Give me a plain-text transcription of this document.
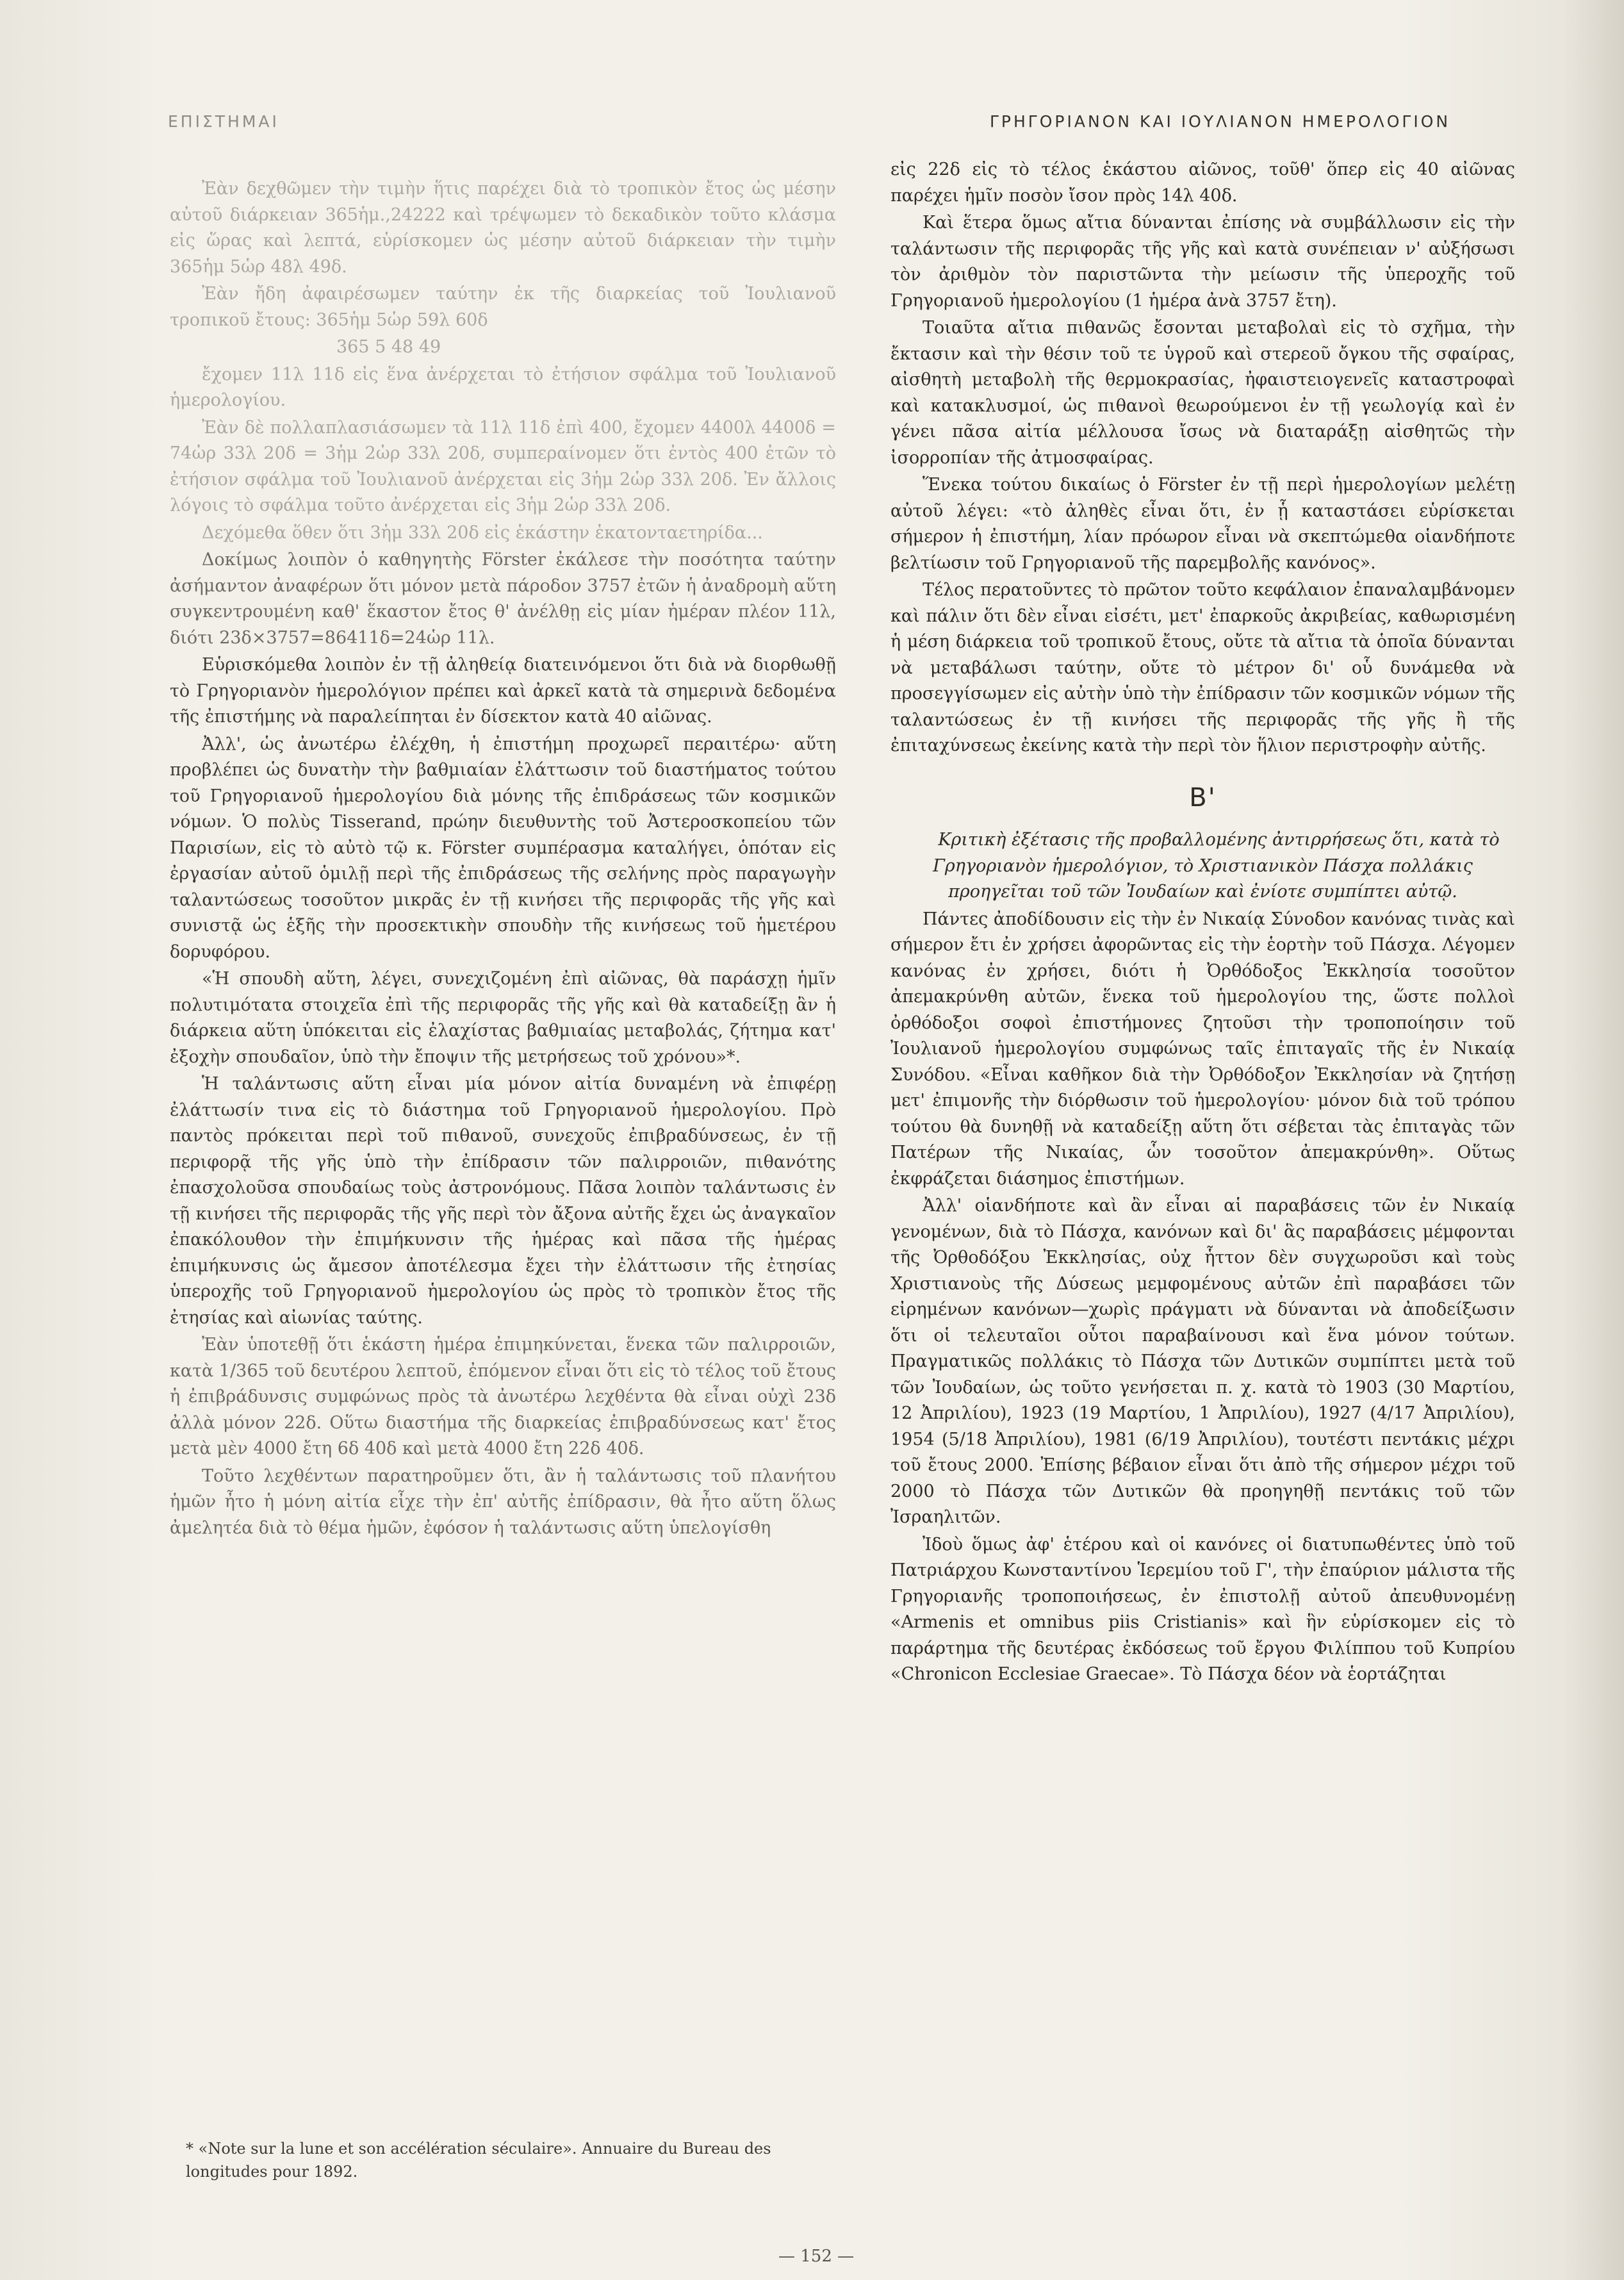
ΕΠΙΣΤΗΜΑΙ	ΓΡΗΓΟΡΙΑΝΟΝ ΚΑΙ ΙΟΥΛΙΑΝΟΝ ΗΜΕΡΟΛΟΓΙΟΝ

Ἐὰν δεχθῶμεν τὴν τιμὴν ἥτις παρέχει διὰ τὸ τροπικὸν ἔτος ὡς μέσην αὐτοῦ διάρκειαν 365ἡμ.,24222 καὶ τρέψωμεν τὸ δεκαδικὸν τοῦτο κλάσμα εἰς ὥρας καὶ λεπτά, εὑρίσκομεν ὡς μέσην αὐτοῦ διάρκειαν τὴν τιμὴν 365ἡμ 5ὡρ 48λ 49δ.

Ἐὰν ἤδη ἀφαιρέσωμεν ταύτην ἐκ τῆς διαρκείας τοῦ Ἰουλιανοῦ τροπικοῦ ἔτους: 365ἡμ 5ὡρ 59λ 60δ

365 5 48 49

ἔχομεν 11λ 11δ εἰς ἕνα ἀνέρχεται τὸ ἐτήσιον σφάλμα τοῦ Ἰουλιανοῦ ἡμερολογίου.

Ἐὰν δὲ πολλαπλασιάσωμεν τὰ 11λ 11δ ἐπὶ 400, ἔχομεν 4400λ 4400δ = 74ὡρ 33λ 20δ = 3ἡμ 2ὡρ 33λ 20δ, συμπεραίνομεν ὅτι ἐντὸς 400 ἐτῶν τὸ ἐτήσιον σφάλμα τοῦ Ἰουλιανοῦ ἀνέρχεται εἰς 3ἡμ 2ὡρ 33λ 20δ. Ἐν ἄλλοις λόγοις τὸ σφάλμα τοῦτο ἀνέρχεται εἰς 3ἡμ 2ὡρ 33λ 20δ.

Δεχόμεθα ὅθεν ὅτι 3ἡμ 33λ 20δ εἰς ἑκάστην ἑκατονταετηρίδα...

Δοκίμως λοιπὸν ὁ καθηγητὴς Förster ἐκάλεσε τὴν ποσότητα ταύτην ἀσήμαντον ἀναφέρων ὅτι μόνον μετὰ πάροδον 3757 ἐτῶν ἡ ἀναδρομὴ αὕτη συγκεντρουμένη καθ' ἕκαστον ἔτος θ' ἀνέλθῃ εἰς μίαν ἡμέραν πλέον 11λ, διότι 23δ×3757=86411δ=24ὡρ 11λ.

Εὑρισκόμεθα λοιπὸν ἐν τῇ ἀληθείᾳ διατεινόμενοι ὅτι διὰ νὰ διορθωθῇ τὸ Γρηγοριανὸν ἡμερολόγιον πρέπει καὶ ἀρκεῖ κατὰ τὰ σημερινὰ δεδομένα τῆς ἐπιστήμης νὰ παραλείπηται ἐν δίσεκτον κατὰ 40 αἰῶνας.

Ἀλλ', ὡς ἀνωτέρω ἐλέχθη, ἡ ἐπιστήμη προχωρεῖ περαιτέρω· αὕτη προβλέπει ὡς δυνατὴν τὴν βαθμιαίαν ἐλάττωσιν τοῦ διαστήματος τούτου τοῦ Γρηγοριανοῦ ἡμερολογίου διὰ μόνης τῆς ἐπιδράσεως τῶν κοσμικῶν νόμων. Ὁ πολὺς Tisserand, πρώην διευθυντὴς τοῦ Ἀστεροσκοπείου τῶν Παρισίων, εἰς τὸ αὐτὸ τῷ κ. Förster συμπέρασμα καταλήγει, ὁπόταν εἰς ἐργασίαν αὐτοῦ ὁμιλῇ περὶ τῆς ἐπιδράσεως τῆς σελήνης πρὸς παραγωγὴν ταλαντώσεως τοσοῦτον μικρᾶς ἐν τῇ κινήσει τῆς περιφορᾶς τῆς γῆς καὶ συνιστᾷ ὡς ἑξῆς τὴν προσεκτικὴν σπουδὴν τῆς κινήσεως τοῦ ἡμετέρου δορυφόρου.

«Ἡ σπουδὴ αὕτη, λέγει, συνεχιζομένη ἐπὶ αἰῶνας, θὰ παράσχῃ ἡμῖν πολυτιμότατα στοιχεῖα ἐπὶ τῆς περιφορᾶς τῆς γῆς καὶ θὰ καταδείξῃ ἂν ἡ διάρκεια αὕτη ὑπόκειται εἰς ἐλαχίστας βαθμιαίας μεταβολάς, ζήτημα κατ' ἐξοχὴν σπουδαῖον, ὑπὸ τὴν ἔποψιν τῆς μετρήσεως τοῦ χρόνου»*.

Ἡ ταλάντωσις αὕτη εἶναι μία μόνον αἰτία δυναμένη νὰ ἐπιφέρῃ ἐλάττωσίν τινα εἰς τὸ διάστημα τοῦ Γρηγοριανοῦ ἡμερολογίου. Πρὸ παντὸς πρόκειται περὶ τοῦ πιθανοῦ, συνεχοῦς ἐπιβραδύνσεως, ἐν τῇ περιφορᾷ τῆς γῆς ὑπὸ τὴν ἐπίδρασιν τῶν παλιρροιῶν, πιθανότης ἐπασχολοῦσα σπουδαίως τοὺς ἀστρονόμους. Πᾶσα λοιπὸν ταλάντωσις ἐν τῇ κινήσει τῆς περιφορᾶς τῆς γῆς περὶ τὸν ἄξονα αὐτῆς ἔχει ὡς ἀναγκαῖον ἐπακόλουθον τὴν ἐπιμήκυνσιν τῆς ἡμέρας καὶ πᾶσα τῆς ἡμέρας ἐπιμήκυνσις ὡς ἄμεσον ἀποτέλεσμα ἔχει τὴν ἐλάττωσιν τῆς ἐτησίας ὑπεροχῆς τοῦ Γρηγοριανοῦ ἡμερολογίου ὡς πρὸς τὸ τροπικὸν ἔτος τῆς ἐτησίας καὶ αἰωνίας ταύτης.

Ἐὰν ὑποτεθῇ ὅτι ἑκάστη ἡμέρα ἐπιμηκύνεται, ἕνεκα τῶν παλιρροιῶν, κατὰ 1/365 τοῦ δευτέρου λεπτοῦ, ἐπόμενον εἶναι ὅτι εἰς τὸ τέλος τοῦ ἔτους ἡ ἐπιβράδυνσις συμφώνως πρὸς τὰ ἀνωτέρω λεχθέντα θὰ εἶναι οὐχὶ 23δ ἀλλὰ μόνον 22δ. Οὕτω διαστήμα τῆς διαρκείας ἐπιβραδύνσεως κατ' ἔτος μετὰ μὲν 4000 ἔτη 6δ 40δ καὶ μετὰ 4000 ἔτη 22δ 40δ.

Τοῦτο λεχθέντων παρατηροῦμεν ὅτι, ἂν ἡ ταλάντωσις τοῦ πλανήτου ἡμῶν ἦτο ἡ μόνη αἰτία εἶχε τὴν ἐπ' αὐτῆς ἐπίδρασιν, θὰ ἦτο αὕτη ὅλως ἀμελητέα διὰ τὸ θέμα ἡμῶν, ἐφόσον ἡ ταλάντωσις αὕτη ὑπελογίσθη

* «Note sur la lune et son accélération séculaire». Annuaire du Bureau des longitudes pour 1892.

εἰς 22δ εἰς τὸ τέλος ἑκάστου αἰῶνος, τοῦθ' ὅπερ εἰς 40 αἰῶνας παρέχει ἡμῖν ποσὸν ἴσον πρὸς 14λ 40δ.

Καὶ ἕτερα ὅμως αἴτια δύνανται ἐπίσης νὰ συμβάλλωσιν εἰς τὴν ταλάντωσιν τῆς περιφορᾶς τῆς γῆς καὶ κατὰ συνέπειαν ν' αὐξήσωσι τὸν ἀριθμὸν τὸν παριστῶντα τὴν μείωσιν τῆς ὑπεροχῆς τοῦ Γρηγοριανοῦ ἡμερολογίου (1 ἡμέρα ἀνὰ 3757 ἔτη).

Τοιαῦτα αἴτια πιθανῶς ἔσονται μεταβολαὶ εἰς τὸ σχῆμα, τὴν ἔκτασιν καὶ τὴν θέσιν τοῦ τε ὑγροῦ καὶ στερεοῦ ὄγκου τῆς σφαίρας, αἰσθητὴ μεταβολὴ τῆς θερμοκρασίας, ἠφαιστειογενεῖς καταστροφαὶ καὶ κατακλυσμοί, ὡς πιθανοὶ θεωρούμενοι ἐν τῇ γεωλογίᾳ καὶ ἐν γένει πᾶσα αἰτία μέλλουσα ἴσως νὰ διαταράξῃ αἰσθητῶς τὴν ἰσορροπίαν τῆς ἀτμοσφαίρας.

Ἕνεκα τούτου δικαίως ὁ Förster ἐν τῇ περὶ ἡμερολογίων μελέτῃ αὐτοῦ λέγει: «τὸ ἀληθὲς εἶναι ὅτι, ἐν ᾗ καταστάσει εὑρίσκεται σήμερον ἡ ἐπιστήμη, λίαν πρόωρον εἶναι νὰ σκεπτώμεθα οἱανδήποτε βελτίωσιν τοῦ Γρηγοριανοῦ τῆς παρεμβολῆς κανόνος».

Τέλος περατοῦντες τὸ πρῶτον τοῦτο κεφάλαιον ἐπαναλαμβάνομεν καὶ πάλιν ὅτι δὲν εἶναι εἰσέτι, μετ' ἐπαρκοῦς ἀκριβείας, καθωρισμένη ἡ μέση διάρκεια τοῦ τροπικοῦ ἔτους, οὔτε τὰ αἴτια τὰ ὁποῖα δύνανται νὰ μεταβάλωσι ταύτην, οὔτε τὸ μέτρον δι' οὗ δυνάμεθα νὰ προσεγγίσωμεν εἰς αὐτὴν ὑπὸ τὴν ἐπίδρασιν τῶν κοσμικῶν νόμων τῆς ταλαντώσεως ἐν τῇ κινήσει τῆς περιφορᾶς τῆς γῆς ἢ τῆς ἐπιταχύνσεως ἐκείνης κατὰ τὴν περὶ τὸν ἥλιον περιστροφὴν αὐτῆς.

Β'

Κριτικὴ ἐξέτασις τῆς προβαλλομένης ἀντιρρήσεως ὅτι, κατὰ τὸ Γρηγοριανὸν ἡμερολόγιον, τὸ Χριστιανικὸν Πάσχα πολλάκις προηγεῖται τοῦ τῶν Ἰουδαίων καὶ ἐνίοτε συμπίπτει αὐτῷ.

Πάντες ἀποδίδουσιν εἰς τὴν ἐν Νικαίᾳ Σύνοδον κανόνας τινὰς καὶ σήμερον ἔτι ἐν χρήσει ἀφορῶντας εἰς τὴν ἑορτὴν τοῦ Πάσχα. Λέγομεν κανόνας ἐν χρήσει, διότι ἡ Ὀρθόδοξος Ἐκκλησία τοσοῦτον ἀπεμακρύνθη αὐτῶν, ἕνεκα τοῦ ἡμερολογίου της, ὥστε πολλοὶ ὀρθόδοξοι σοφοὶ ἐπιστήμονες ζητοῦσι τὴν τροποποίησιν τοῦ Ἰουλιανοῦ ἡμερολογίου συμφώνως ταῖς ἐπιταγαῖς τῆς ἐν Νικαίᾳ Συνόδου. «Εἶναι καθῆκον διὰ τὴν Ὀρθόδοξον Ἐκκλησίαν νὰ ζητήσῃ μετ' ἐπιμονῆς τὴν διόρθωσιν τοῦ ἡμερολογίου· μόνον διὰ τοῦ τρόπου τούτου θὰ δυνηθῇ νὰ καταδείξῃ αὕτη ὅτι σέβεται τὰς ἐπιταγὰς τῶν Πατέρων τῆς Νικαίας, ὧν τοσοῦτον ἀπεμακρύνθη». Οὕτως ἐκφράζεται διάσημος ἐπιστήμων.

Ἀλλ' οἱανδήποτε καὶ ἂν εἶναι αἱ παραβάσεις τῶν ἐν Νικαίᾳ γενομένων, διὰ τὸ Πάσχα, κανόνων καὶ δι' ἃς παραβάσεις μέμφονται τῆς Ὀρθοδόξου Ἐκκλησίας, οὐχ ἧττον δὲν συγχωροῦσι καὶ τοὺς Χριστιανοὺς τῆς Δύσεως μεμφομένους αὐτῶν ἐπὶ παραβάσει τῶν εἰρημένων κανόνων—χωρὶς πράγματι νὰ δύνανται νὰ ἀποδείξωσιν ὅτι οἱ τελευταῖοι οὗτοι παραβαίνουσι καὶ ἕνα μόνον τούτων. Πραγματικῶς πολλάκις τὸ Πάσχα τῶν Δυτικῶν συμπίπτει μετὰ τοῦ τῶν Ἰουδαίων, ὡς τοῦτο γενήσεται π. χ. κατὰ τὸ 1903 (30 Μαρτίου, 12 Ἀπριλίου), 1923 (19 Μαρτίου, 1 Ἀπριλίου), 1927 (4/17 Ἀπριλίου), 1954 (5/18 Ἀπριλίου), 1981 (6/19 Ἀπριλίου), τουτέστι πεντάκις μέχρι τοῦ ἔτους 2000. Ἐπίσης βέβαιον εἶναι ὅτι ἀπὸ τῆς σήμερον μέχρι τοῦ 2000 τὸ Πάσχα τῶν Δυτικῶν θὰ προηγηθῇ πεντάκις τοῦ τῶν Ἰσραηλιτῶν.

Ἰδοὺ ὅμως ἀφ' ἑτέρου καὶ οἱ κανόνες οἱ διατυπωθέντες ὑπὸ τοῦ Πατριάρχου Κωνσταντίνου Ἱερεμίου τοῦ Γ', τὴν ἐπαύριον μάλιστα τῆς Γρηγοριανῆς τροποποιήσεως, ἐν ἐπιστολῇ αὐτοῦ ἀπευθυνομένῃ «Armenis et omnibus piis Cristianis» καὶ ἣν εὑρίσκομεν εἰς τὸ παράρτημα τῆς δευτέρας ἐκδόσεως τοῦ ἔργου Φιλίππου τοῦ Κυπρίου «Chronicon Ecclesiae Graecae». Τὸ Πάσχα δέον νὰ ἑορτάζηται

— 152 —
